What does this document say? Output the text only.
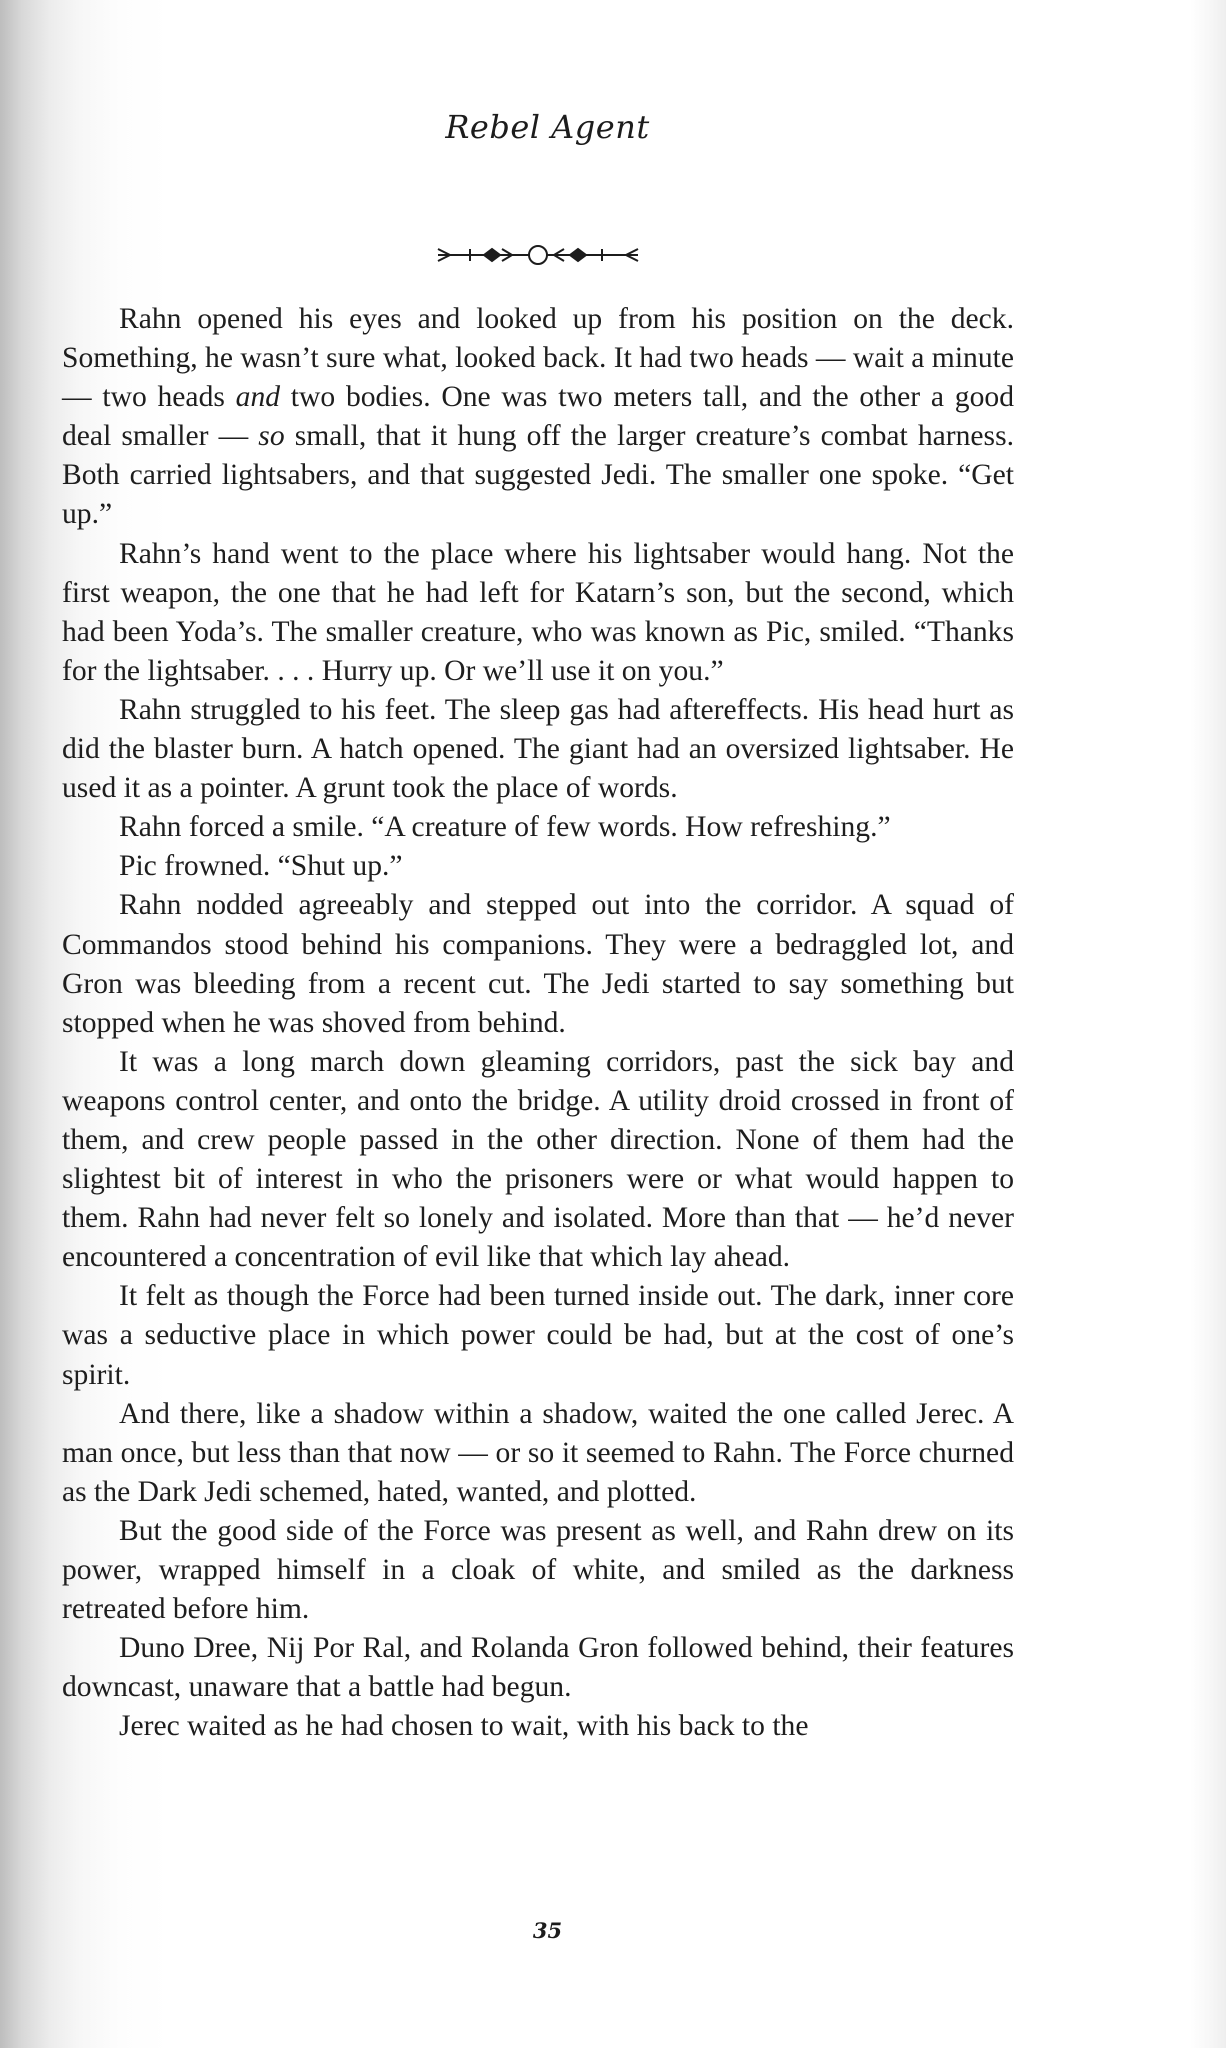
Rebel Agent

Rahn opened his eyes and looked up from his position on the deck. Something, he wasn’t sure what, looked back. It had two heads — wait a minute — two heads and two bodies. One was two meters tall, and the other a good deal smaller — so small, that it hung off the larger creature’s combat harness. Both carried lightsabers, and that suggested Jedi. The smaller one spoke. “Get up.”

Rahn’s hand went to the place where his lightsaber would hang. Not the first weapon, the one that he had left for Katarn’s son, but the second, which had been Yoda’s. The smaller creature, who was known as Pic, smiled. “Thanks for the lightsaber. . . . Hurry up. Or we’ll use it on you.”

Rahn struggled to his feet. The sleep gas had aftereffects. His head hurt as did the blaster burn. A hatch opened. The giant had an oversized lightsaber. He used it as a pointer. A grunt took the place of words.

Rahn forced a smile. “A creature of few words. How refreshing.”

Pic frowned. “Shut up.”

Rahn nodded agreeably and stepped out into the corridor. A squad of Commandos stood behind his companions. They were a bedraggled lot, and Gron was bleeding from a recent cut. The Jedi started to say something but stopped when he was shoved from behind.

It was a long march down gleaming corridors, past the sick bay and weapons control center, and onto the bridge. A utility droid crossed in front of them, and crew people passed in the other direction. None of them had the slightest bit of interest in who the prisoners were or what would happen to them. Rahn had never felt so lonely and isolated. More than that — he’d never encountered a concentration of evil like that which lay ahead.

It felt as though the Force had been turned inside out. The dark, inner core was a seductive place in which power could be had, but at the cost of one’s spirit.

And there, like a shadow within a shadow, waited the one called Jerec. A man once, but less than that now — or so it seemed to Rahn. The Force churned as the Dark Jedi schemed, hated, wanted, and plotted.

But the good side of the Force was present as well, and Rahn drew on its power, wrapped himself in a cloak of white, and smiled as the darkness retreated before him.

Duno Dree, Nij Por Ral, and Rolanda Gron followed behind, their features downcast, unaware that a battle had begun.

Jerec waited as he had chosen to wait, with his back to the

35
